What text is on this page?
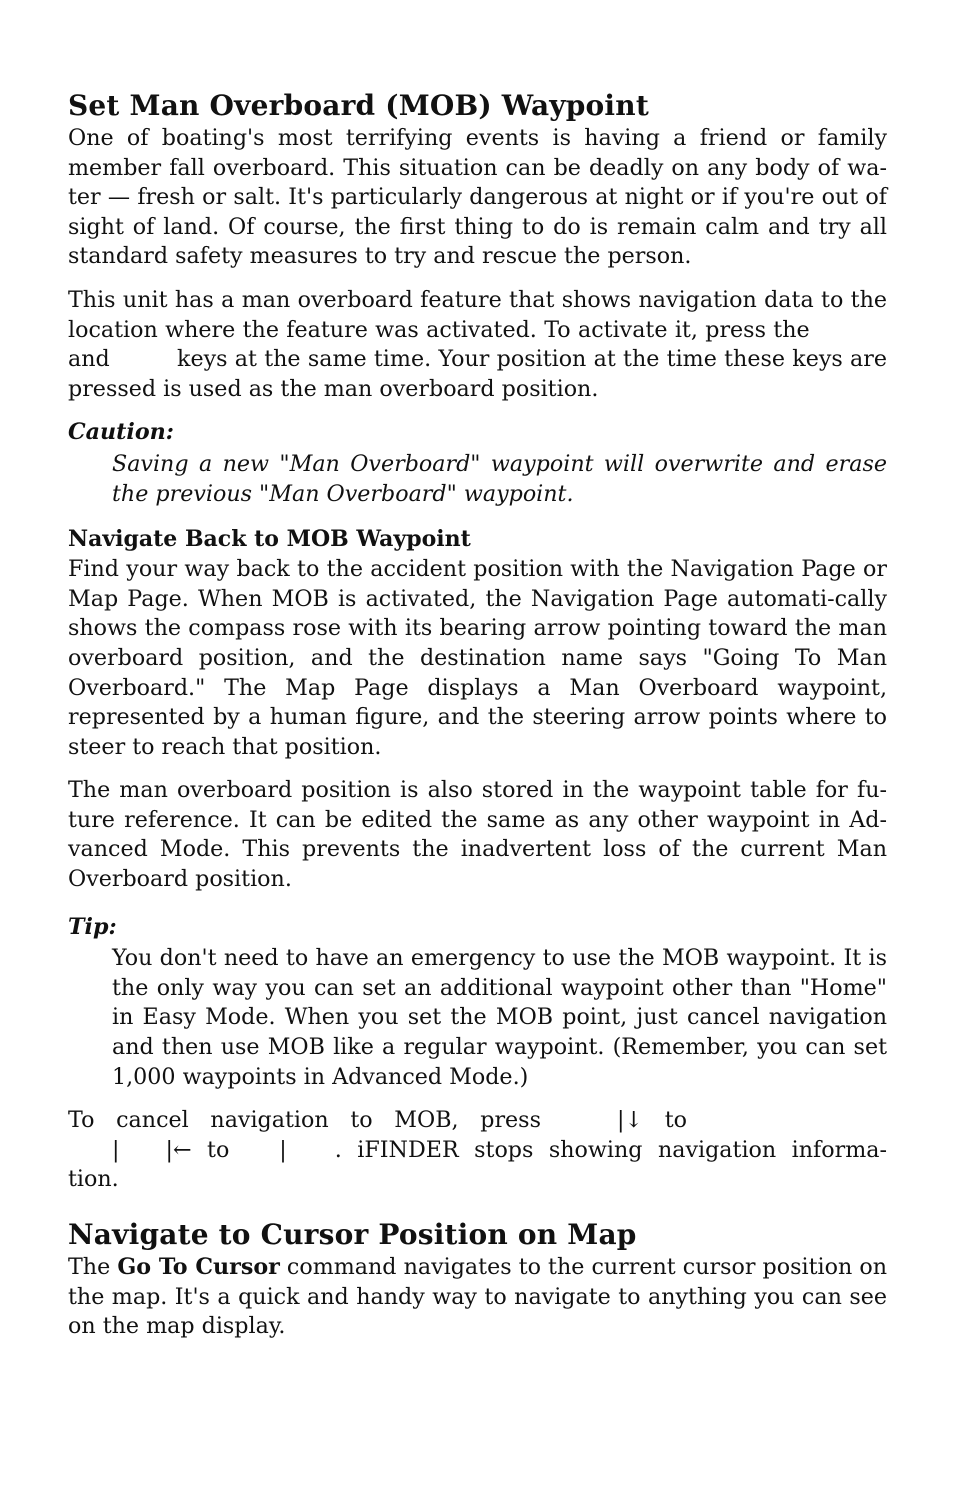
Set Man Overboard (MOB) Waypoint

One of boating's most terrifying events is having a friend or family member fall overboard. This situation can be deadly on any body of wa-ter — fresh or salt. It's particularly dangerous at night or if you're out of sight of land. Of course, the first thing to do is remain calm and try all standard safety measures to try and rescue the person.

This unit has a man overboard feature that shows navigation data to the location where the feature was activated. To activate it, press the and	keys at the same time. Your position at the time these keys are pressed is used as the man overboard position.

Caution:

Saving a new "Man Overboard" waypoint will overwrite and erase the previous "Man Overboard" waypoint.

Navigate Back to MOB Waypoint

Find your way back to the accident position with the Navigation Page or Map Page. When MOB is activated, the Navigation Page automati-cally shows the compass rose with its bearing arrow pointing toward the man overboard position, and the destination name says "Going To Man Overboard." The Map Page displays a Man Overboard waypoint, represented by a human figure, and the steering arrow points where to steer to reach that position.

The man overboard position is also stored in the waypoint table for fu-ture reference. It can be edited the same as any other waypoint in Ad-vanced Mode. This prevents the inadvertent loss of the current Man Overboard position.

Tip:

You don't need to have an emergency to use the MOB waypoint. It is the only way you can set an additional waypoint other than "Home" in Easy Mode. When you set the MOB point, just cancel navigation and then use MOB like a regular waypoint. (Remember, you can set 1,000 waypoints in Advanced Mode.)

To cancel navigation to MOB, press	|↓ to
| |← to | . iFINDER stops showing navigation informa-tion.

Navigate to Cursor Position on Map

The Go To Cursor command navigates to the current cursor position on the map. It's a quick and handy way to navigate to anything you can see on the map display.
